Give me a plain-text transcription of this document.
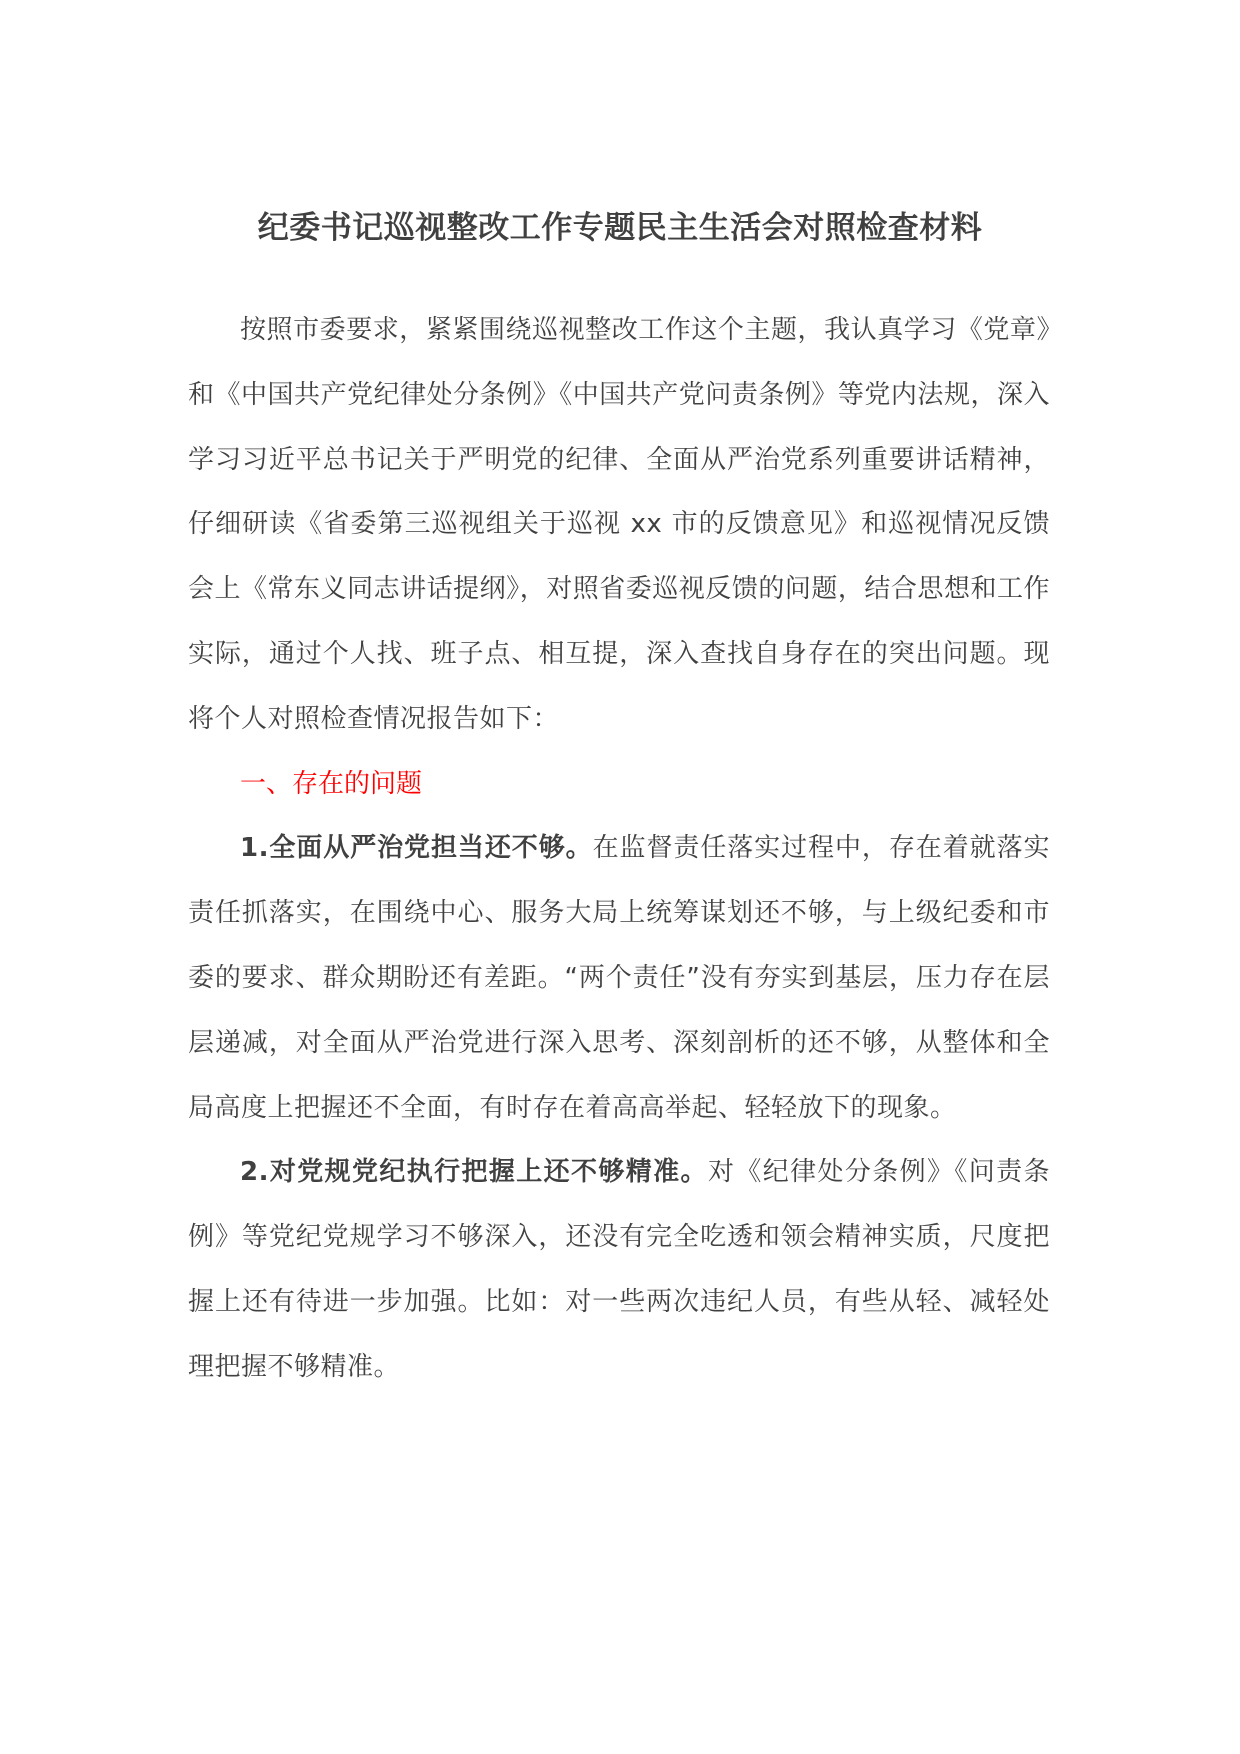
纪委书记巡视整改工作专题民主生活会对照检查材料

按照市委要求，紧紧围绕巡视整改工作这个主题，我认真学习《党章》和《中国共产党纪律处分条例》《中国共产党问责条例》等党内法规，深入学习习近平总书记关于严明党的纪律、全面从严治党系列重要讲话精神，仔细研读《省委第三巡视组关于巡视 xx 市的反馈意见》和巡视情况反馈会上《常东义同志讲话提纲》，对照省委巡视反馈的问题，结合思想和工作实际，通过个人找、班子点、相互提，深入查找自身存在的突出问题。现将个人对照检查情况报告如下：

一、存在的问题

1.全面从严治党担当还不够。在监督责任落实过程中，存在着就落实责任抓落实，在围绕中心、服务大局上统筹谋划还不够，与上级纪委和市委的要求、群众期盼还有差距。“两个责任”没有夯实到基层，压力存在层层递减，对全面从严治党进行深入思考、深刻剖析的还不够，从整体和全局高度上把握还不全面，有时存在着高高举起、轻轻放下的现象。

2.对党规党纪执行把握上还不够精准。对《纪律处分条例》《问责条例》等党纪党规学习不够深入，还没有完全吃透和领会精神实质，尺度把握上还有待进一步加强。比如：对一些两次违纪人员，有些从轻、减轻处理把握不够精准。
